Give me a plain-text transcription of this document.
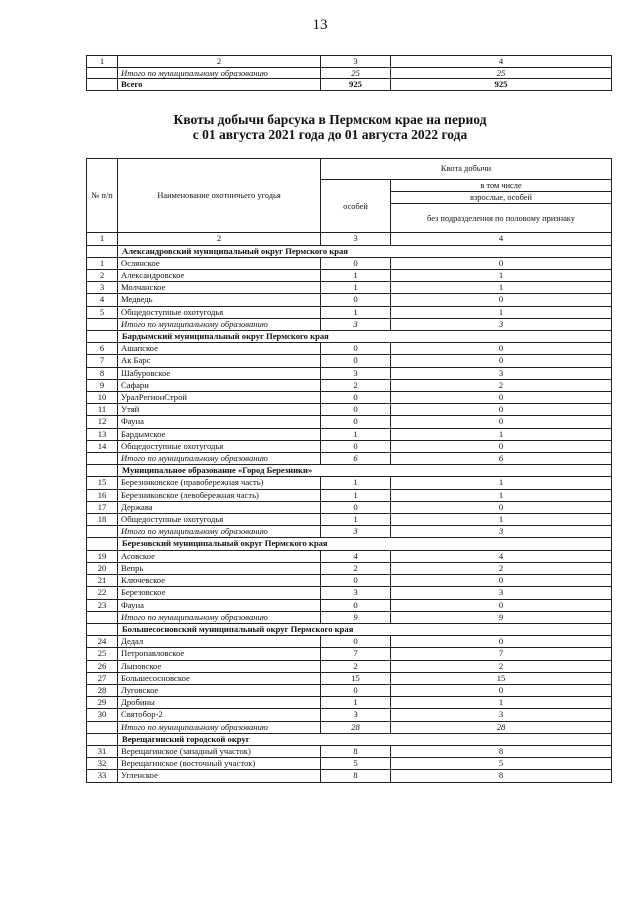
13
1	2	3	4
	Итого по муниципальному образованию	25	25
	Всего	925	925
Квоты добычи барсука в Пермском крае на период
с 01 августа 2021 года до 01 августа 2022 года
№ п/п	Наименование охотничьего угодья	Квота добычи	
		особей	в том числе
			взрослые, особей
			без подразделения по половому признаку
1	2	3	4
	Александровский муниципальный округ Пермского края		
1	Ослянское	0	0
2	Александровское	1	1
3	Молчанское	1	1
4	Медведь	0	0
5	Общедоступные охотугодья	1	1
	Итого по муниципальному образованию	3	3
	Бардымский муниципальный округ Пермского края		
6	Ашапское	0	0
7	Ак Барс	0	0
8	Шабуровское	3	3
9	Сафари	2	2
10	УралРегионСтрой	0	0
11	Утяй	0	0
12	Фауна	0	0
13	Бардымское	1	1
14	Общедоступные охотугодья	0	0
	Итого по муниципальному образованию	6	6
	Муниципальное образование «Город Березники»		
15	Березниковское (правобережная часть)	1	1
16	Березниковское (левобережная часть)	1	1
17	Держава	0	0
18	Общедоступные охотугодья	1	1
	Итого по муниципальному образованию	3	3
	Березовский муниципальный округ Пермского края		
19	Асовское	4	4
20	Вепрь	2	2
21	Ключевское	0	0
22	Березовское	3	3
23	Фауна	0	0
	Итого по муниципальному образованию	9	9
	Большесосновский муниципальный округ Пермского края		
24	Дедал	0	0
25	Петропавловское	7	7
26	Лыповское	2	2
27	Большесосновское	15	15
28	Луговское	0	0
29	Дробины	1	1
30	Святобор-2	3	3
	Итого по муниципальному образованию	28	28
	Верещагинский городской округ		
31	Верещагинское (западный участок)	8	8
32	Верещагинское (восточный участок)	5	5
33	Угленское	8	8
